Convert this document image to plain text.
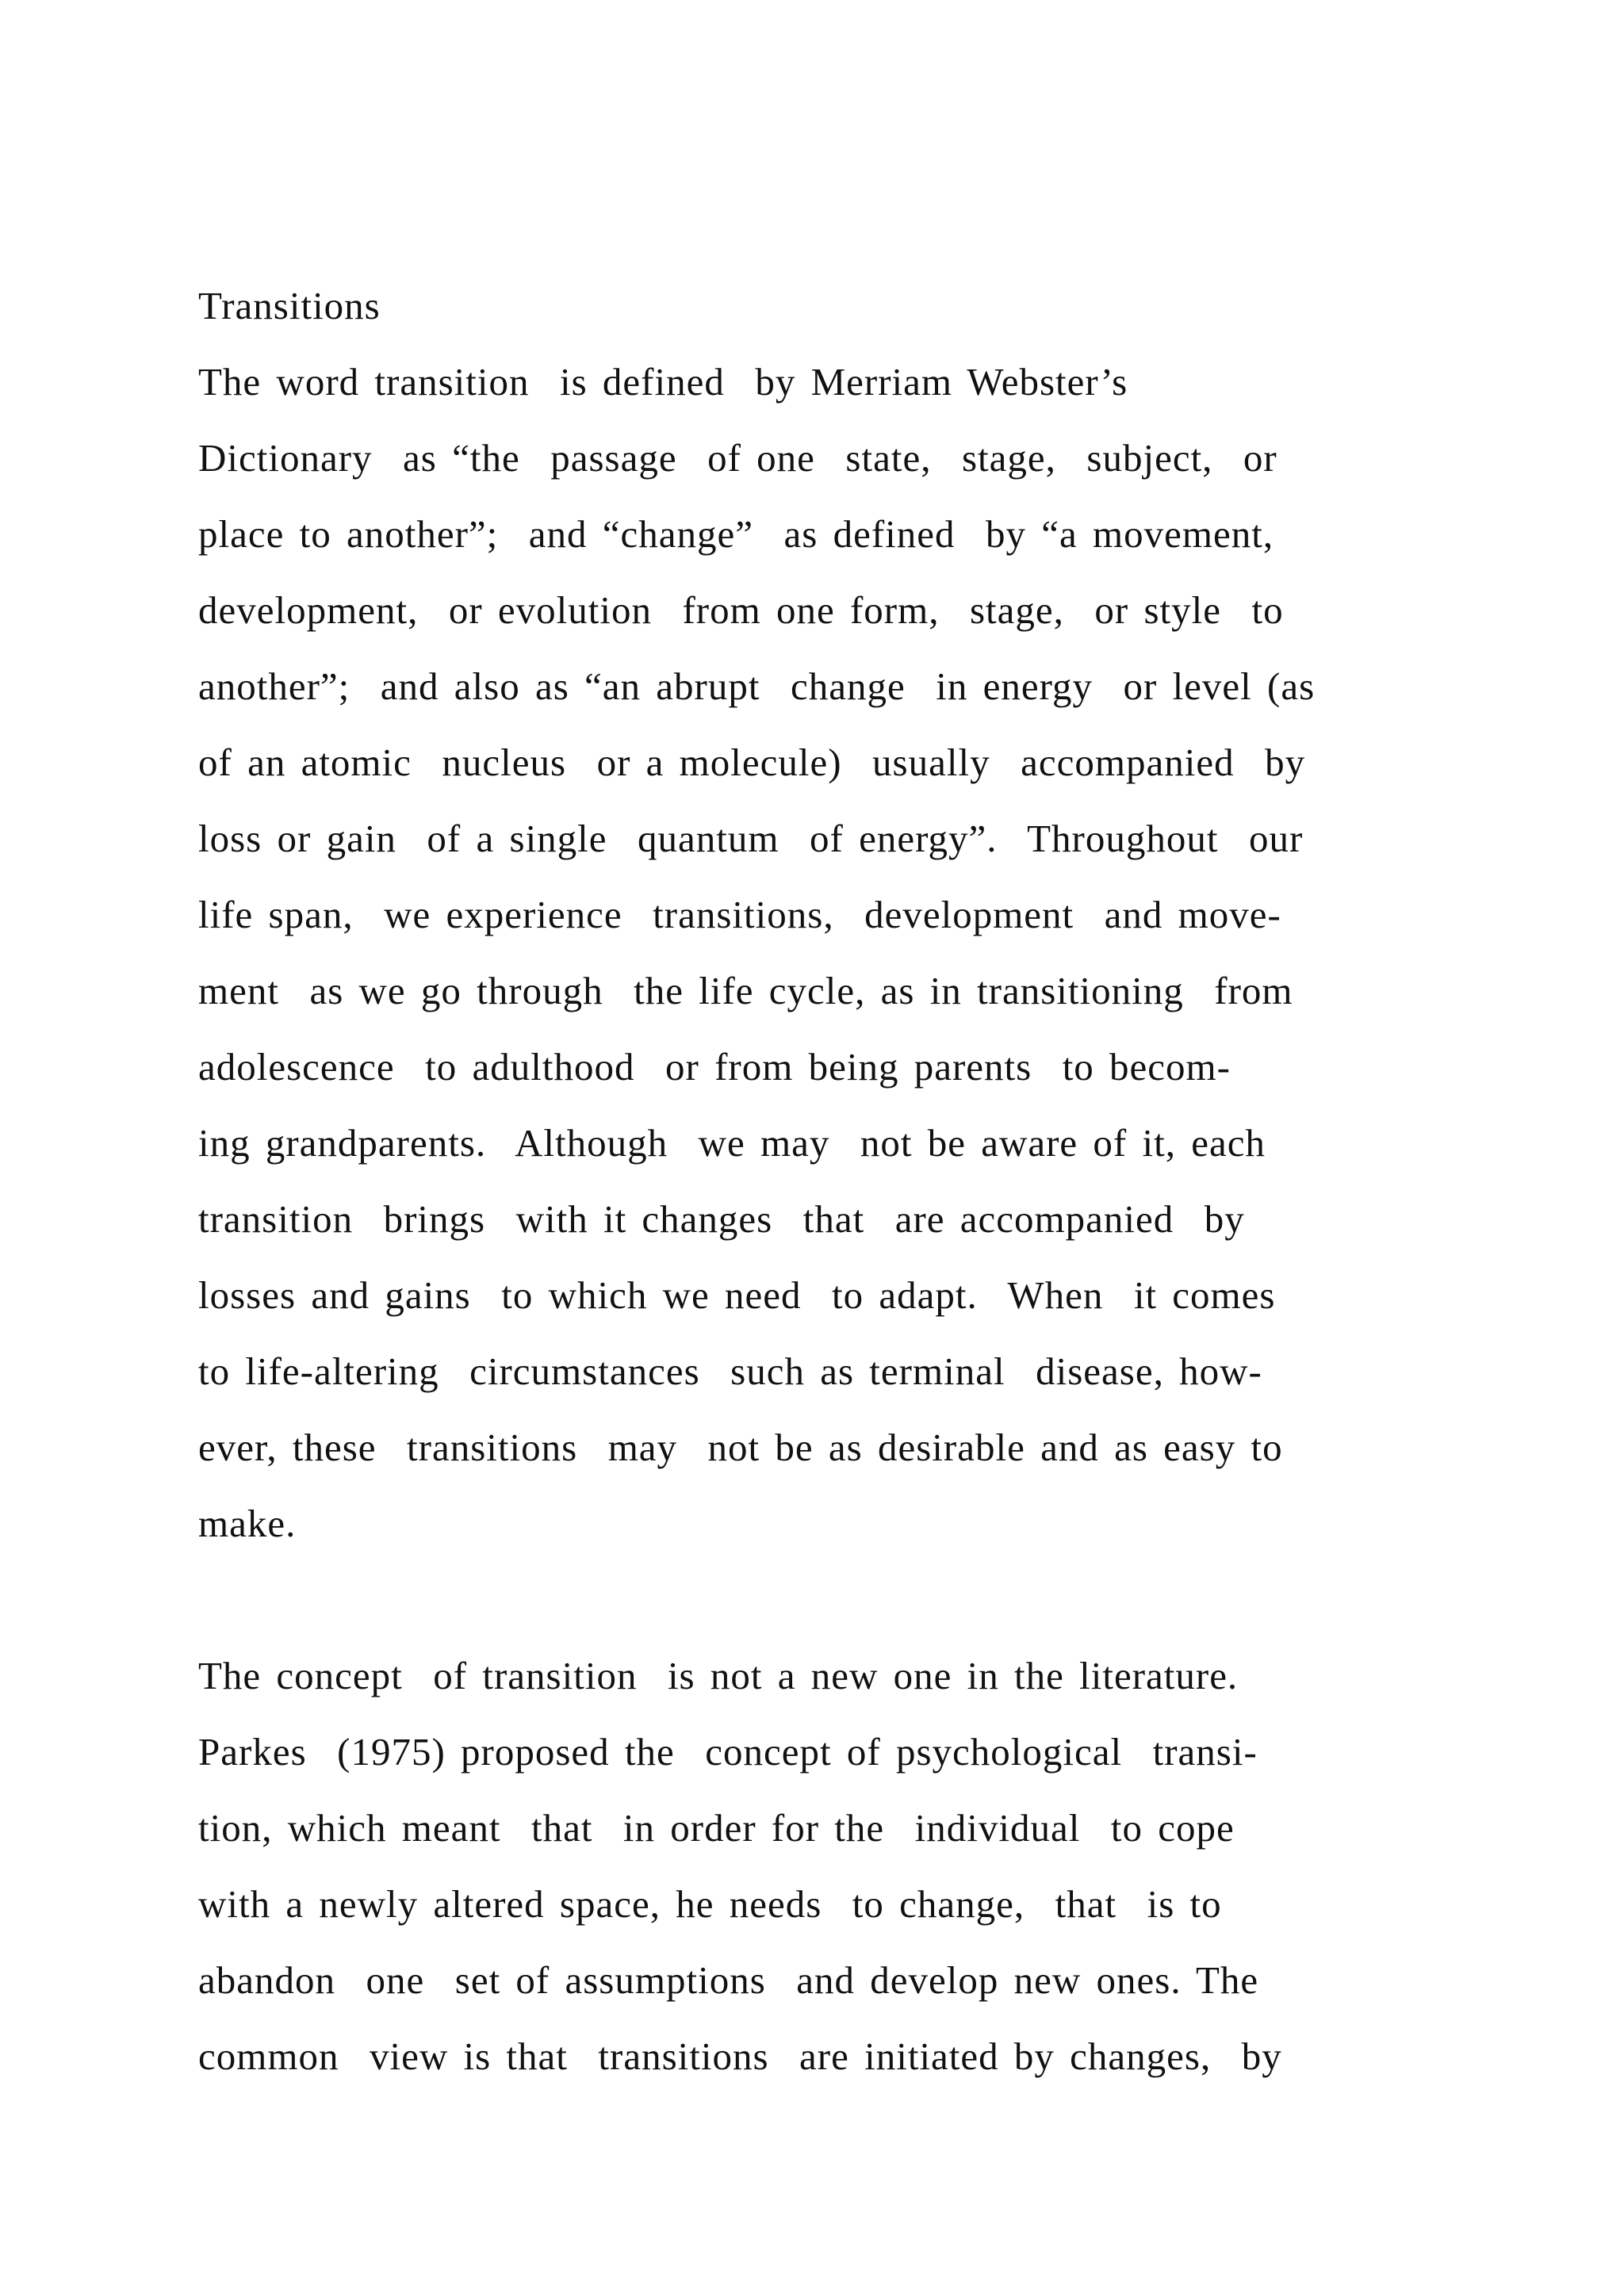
Transitions
The word transition  is defined  by Merriam Webster’s
Dictionary  as “the  passage  of one  state,  stage,  subject,  or
place to another”;  and “change”  as defined  by “a movement,
development,  or evolution  from one form,  stage,  or style  to
another”;  and also as “an abrupt  change  in energy  or level (as
of an atomic  nucleus  or a molecule)  usually  accompanied  by
loss or gain  of a single  quantum  of energy”.  Throughout  our
life span,  we experience  transitions,  development  and move-
ment  as we go through  the life cycle, as in transitioning  from
adolescence  to adulthood  or from being parents  to becom-
ing grandparents.  Although  we may  not be aware of it, each
transition  brings  with it changes  that  are accompanied  by
losses and gains  to which we need  to adapt.  When  it comes
to life-altering  circumstances  such as terminal  disease, how-
ever, these  transitions  may  not be as desirable and as easy to
make.
The concept  of transition  is not a new one in the literature.
Parkes  (1975) proposed the  concept of psychological  transi-
tion, which meant  that  in order for the  individual  to cope
with a newly altered space, he needs  to change,  that  is to
abandon  one  set of assumptions  and develop new ones. The
common  view is that  transitions  are initiated by changes,  by
